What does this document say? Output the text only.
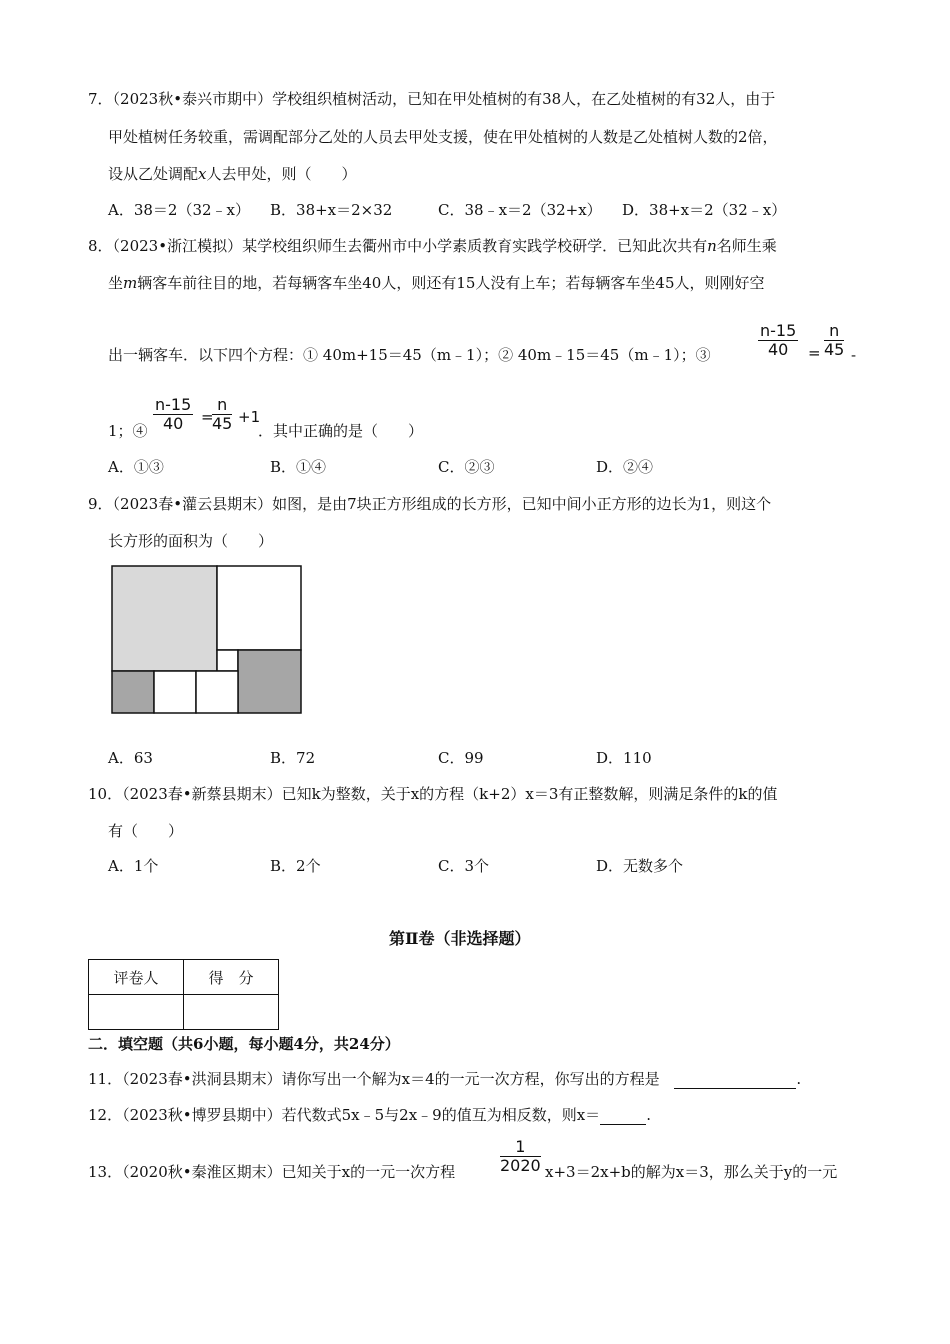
7．（2023秋•泰兴市期中）学校组织植树活动，已知在甲处植树的有38人，在乙处植树的有32人，由于
甲处植树任务较重，需调配部分乙处的人员去甲处支援，使在甲处植树的人数是乙处植树人数的2倍，
设从乙处调配x人去甲处，则（　　）
A．38＝2（32﹣x） B．38+x＝2×32	C．38﹣x＝2（32+x） D．38+x＝2（32﹣x）
8．（2023•浙江模拟）某学校组织师生去衢州市中小学素质教育实践学校研学．已知此次共有n名师生乘
坐m辆客车前往目的地，若每辆客车坐40人，则还有15人没有上车；若每辆客车坐45人，则刚好空
出一辆客车．以下四个方程：① 40m+15＝45（m﹣1）；② 40m﹣15＝45（m﹣1）；③	$\frac{n-15}{40} = \frac{n}{45}$ -
1；④ $\frac{n-15}{40}$ =
$\frac{n}{45} +1$
．其中正确的是（　　）
A．①③	B．①④	C．②③	D．②④
9．（2023春•灌云县期末）如图，是由7块正方形组成的长方形，已知中间小正方形的边长为1，则这个
长方形的面积为（　　）
A．63	B．72	C．99	D．110
10．（2023春•新蔡县期末）已知k为整数，关于x的方程（k+2）x＝3有正整数解，则满足条件的k的值
有（　　）
A．1个	B．2个	C．3个	D．无数多个
第Ⅱ卷（非选择题）
评卷人	得　分

二．填空题（共6小题，每小题4分，共24分）
11．（2023春•洪洞县期末）请你写出一个解为x＝4的一元一次方程，你写出的方程是	.
12．（2023秋•博罗县期中）若代数式5x﹣5与2x﹣9的值互为相反数，则x＝	.
13．（2020秋•秦淮区期末）已知关于x的一元一次方程	$\frac{1}{2020} x+3=2x+b$的解为x＝3，那么关于y的一元
